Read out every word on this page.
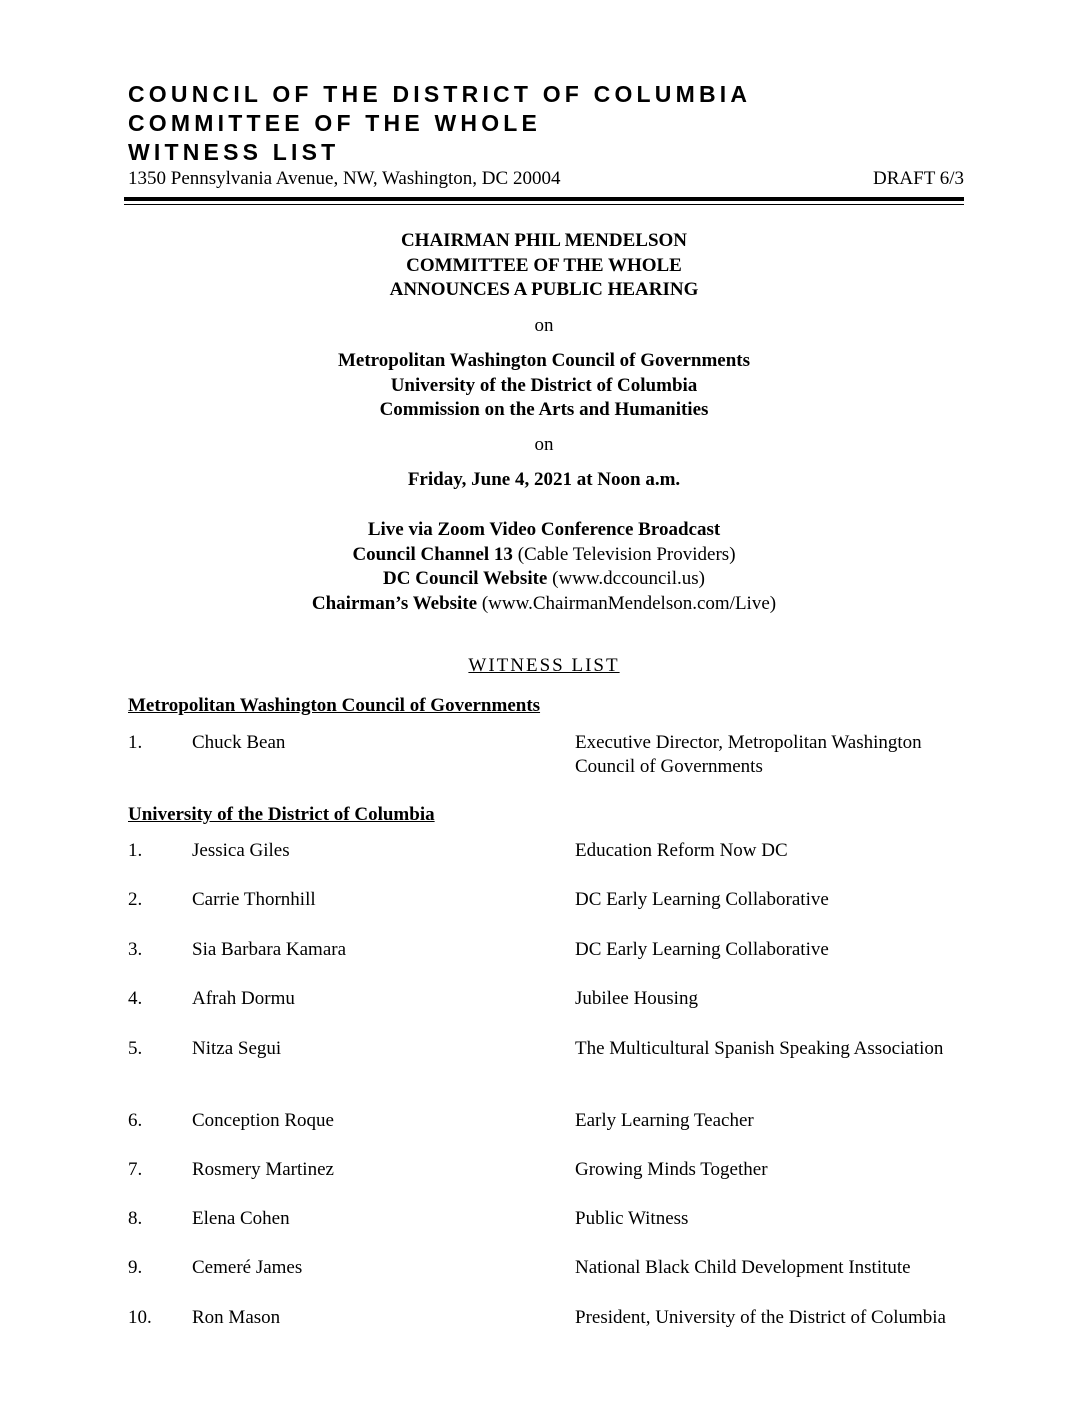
COUNCIL OF THE DISTRICT OF COLUMBIA
COMMITTEE OF THE WHOLE
WITNESS LIST
1350 Pennsylvania Avenue, NW, Washington, DC 20004	DRAFT 6/3
CHAIRMAN PHIL MENDELSON
COMMITTEE OF THE WHOLE
ANNOUNCES A PUBLIC HEARING
on
Metropolitan Washington Council of Governments
University of the District of Columbia
Commission on the Arts and Humanities
on
Friday, June 4, 2021 at Noon a.m.
Live via Zoom Video Conference Broadcast
Council Channel 13 (Cable Television Providers)
DC Council Website (www.dccouncil.us)
Chairman’s Website (www.ChairmanMendelson.com/Live)
WITNESS LIST
Metropolitan Washington Council of Governments
1.	Chuck Bean	Executive Director, Metropolitan Washington Council of Governments
University of the District of Columbia
1.	Jessica Giles	Education Reform Now DC
2.	Carrie Thornhill	DC Early Learning Collaborative
3.	Sia Barbara Kamara	DC Early Learning Collaborative
4.	Afrah Dormu	Jubilee Housing
5.	Nitza Segui	The Multicultural Spanish Speaking Association
6.	Conception Roque	Early Learning Teacher
7.	Rosmery Martinez	Growing Minds Together
8.	Elena Cohen	Public Witness
9.	Cemeré James	National Black Child Development Institute
10. Ron Mason	President, University of the District of Columbia
